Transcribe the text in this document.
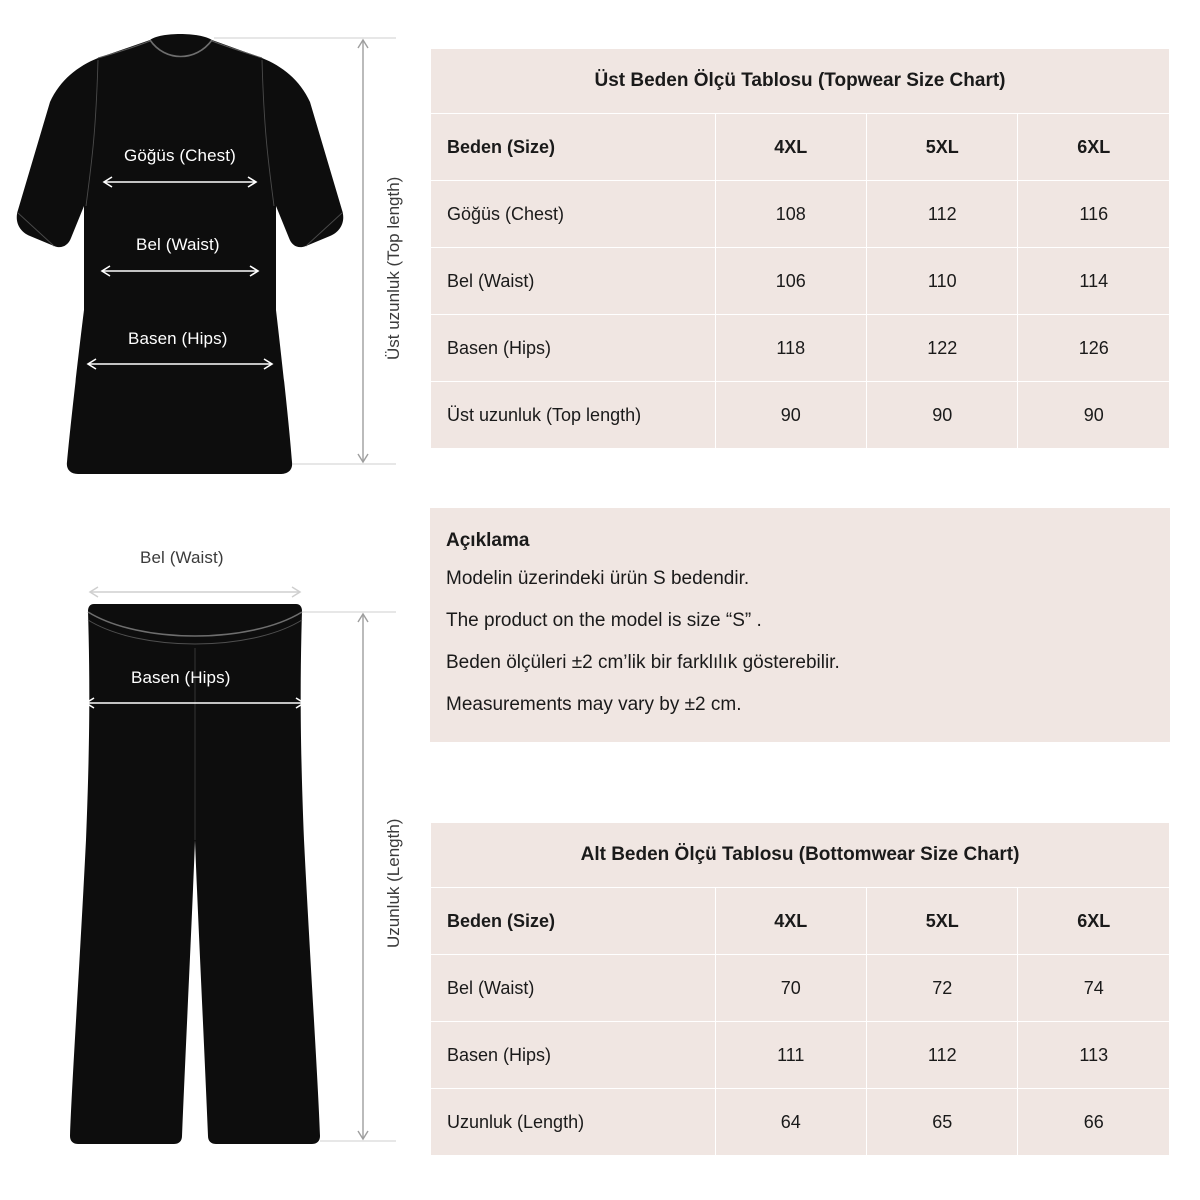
Göğüs (Chest)
Bel (Waist)
Basen (Hips)	Üst uzunluk (Top length)
Bel (Waist)
Basen (Hips)
Uzunluk (Length)
Üst Beden Ölçü Tablosu (Topwear Size Chart)			
Beden (Size)	4XL	5XL	6XL
Göğüs (Chest)	108	112	116
Bel (Waist)	106	110	114
Basen (Hips)	118	122	126
Üst uzunluk (Top length)	90	90	90

Açıklama

Modelin üzerindeki ürün S bedendir.

The product on the model is size “S” .

Beden ölçüleri ±2 cm’lik bir farklılık gösterebilir.

Measurements may vary by ±2 cm.

Alt Beden Ölçü Tablosu (Bottomwear Size Chart)			
Beden (Size)	4XL	5XL	6XL
Bel (Waist)	70	72	74
Basen (Hips)	111	112	113
Uzunluk (Length)	64	65	66
